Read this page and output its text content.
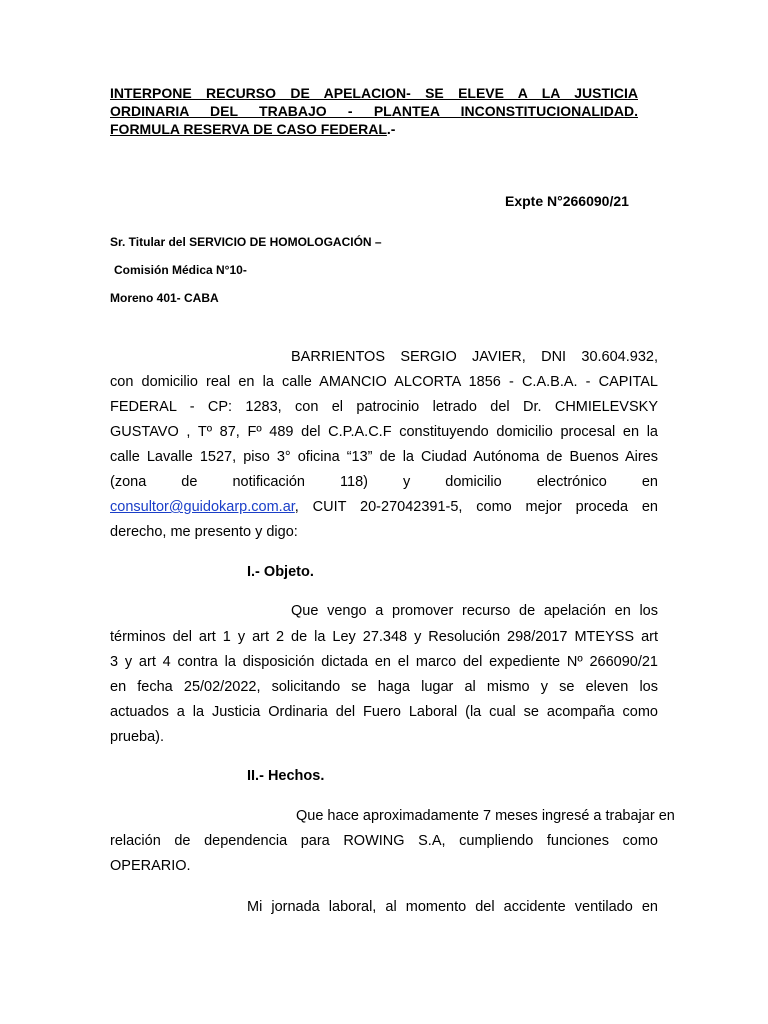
INTERPONE RECURSO DE APELACION- SE ELEVE A LA JUSTICIA
ORDINARIA DEL TRABAJO - PLANTEA INCONSTITUCIONALIDAD.
FORMULA RESERVA DE CASO FEDERAL.-
Expte N°266090/21
Sr. Titular del SERVICIO DE HOMOLOGACIÓN –
Comisión Médica N°10-
Moreno 401- CABA
BARRIENTOS SERGIO JAVIER, DNI 30.604.932,
con domicilio real en la calle AMANCIO ALCORTA 1856 - C.A.B.A. - CAPITAL
FEDERAL - CP: 1283, con el patrocinio letrado del Dr. CHMIELEVSKY
GUSTAVO , Tº 87, Fº 489 del C.P.A.C.F constituyendo domicilio procesal en la
calle Lavalle 1527, piso 3° oficina “13” de la Ciudad Autónoma de Buenos Aires
(zona de notificación 118) y domicilio electrónico en
consultor@guidokarp.com.ar, CUIT 20-27042391-5, como mejor proceda en
derecho, me presento y digo:
I.- Objeto.
Que vengo a promover recurso de apelación en los
términos del art 1 y art 2 de la Ley 27.348 y Resolución 298/2017 MTEYSS art
3 y art 4 contra la disposición dictada en el marco del expediente Nº 266090/21
en fecha 25/02/2022, solicitando se haga lugar al mismo y se eleven los
actuados a la Justicia Ordinaria del Fuero Laboral (la cual se acompaña como
prueba).
II.- Hechos.
Que hace aproximadamente 7 meses ingresé a trabajar en
relación de dependencia para ROWING S.A, cumpliendo funciones como
OPERARIO.
Mi jornada laboral, al momento del accidente ventilado en
